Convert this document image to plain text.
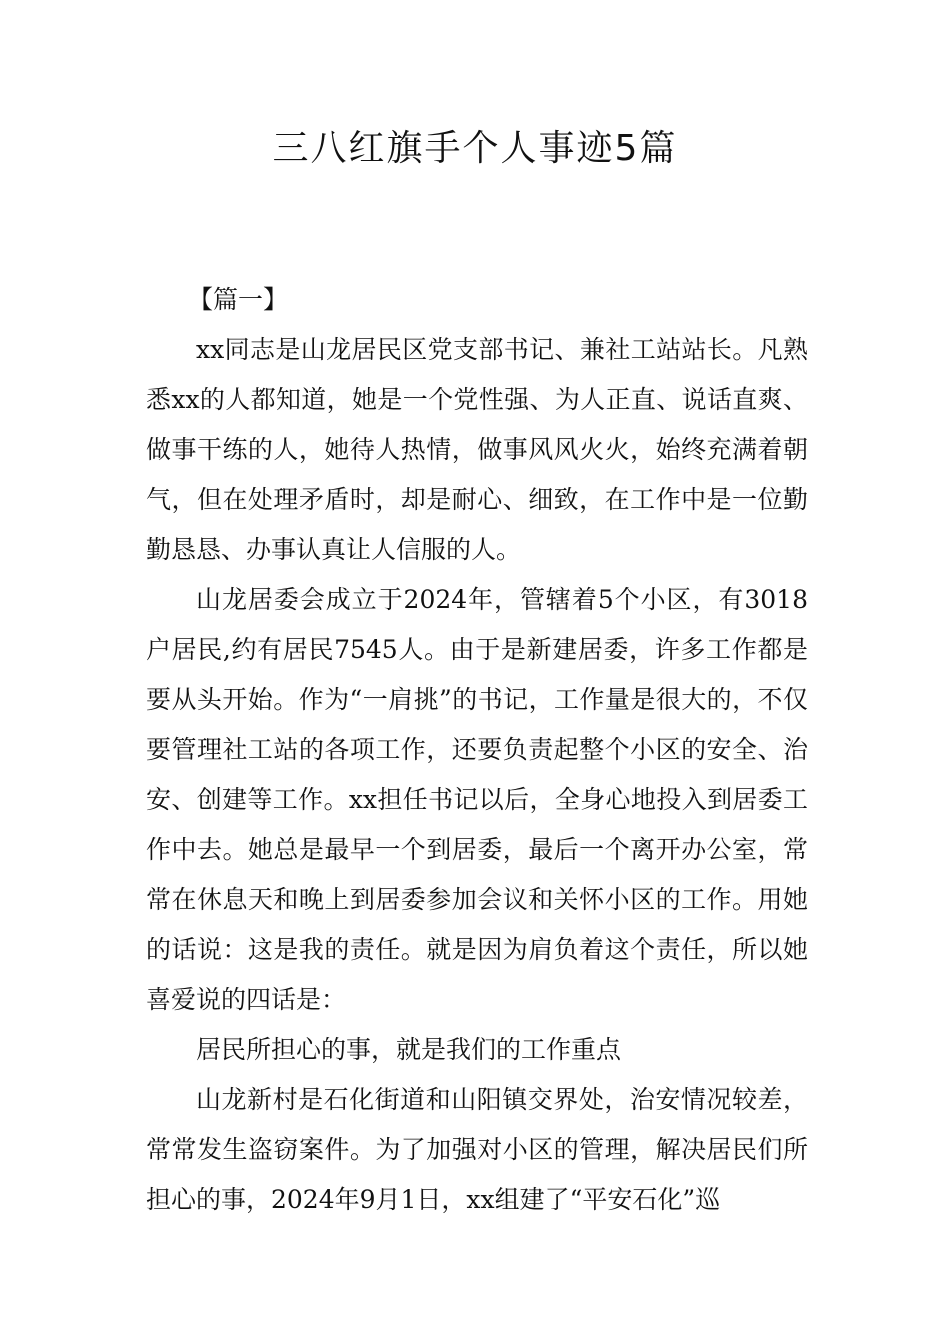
三八红旗手个人事迹5篇

【篇一】

xx同志是山龙居民区党支部书记、兼社工站站长。凡熟悉xx的人都知道，她是一个党性强、为人正直、说话直爽、做事干练的人，她待人热情，做事风风火火，始终充满着朝气，但在处理矛盾时，却是耐心、细致，在工作中是一位勤勤恳恳、办事认真让人信服的人。

山龙居委会成立于2024年，管辖着5个小区，有3018户居民,约有居民7545人。由于是新建居委，许多工作都是要从头开始。作为“一肩挑”的书记，工作量是很大的，不仅要管理社工站的各项工作，还要负责起整个小区的安全、治安、创建等工作。xx担任书记以后，全身心地投入到居委工作中去。她总是最早一个到居委，最后一个离开办公室，常常在休息天和晚上到居委参加会议和关怀小区的工作。用她的话说：这是我的责任。就是因为肩负着这个责任，所以她喜爱说的四话是：

居民所担心的事，就是我们的工作重点

山龙新村是石化街道和山阳镇交界处，治安情况较差，常常发生盗窃案件。为了加强对小区的管理，解决居民们所担心的事，2024年9月1日，xx组建了“平安石化”巡
